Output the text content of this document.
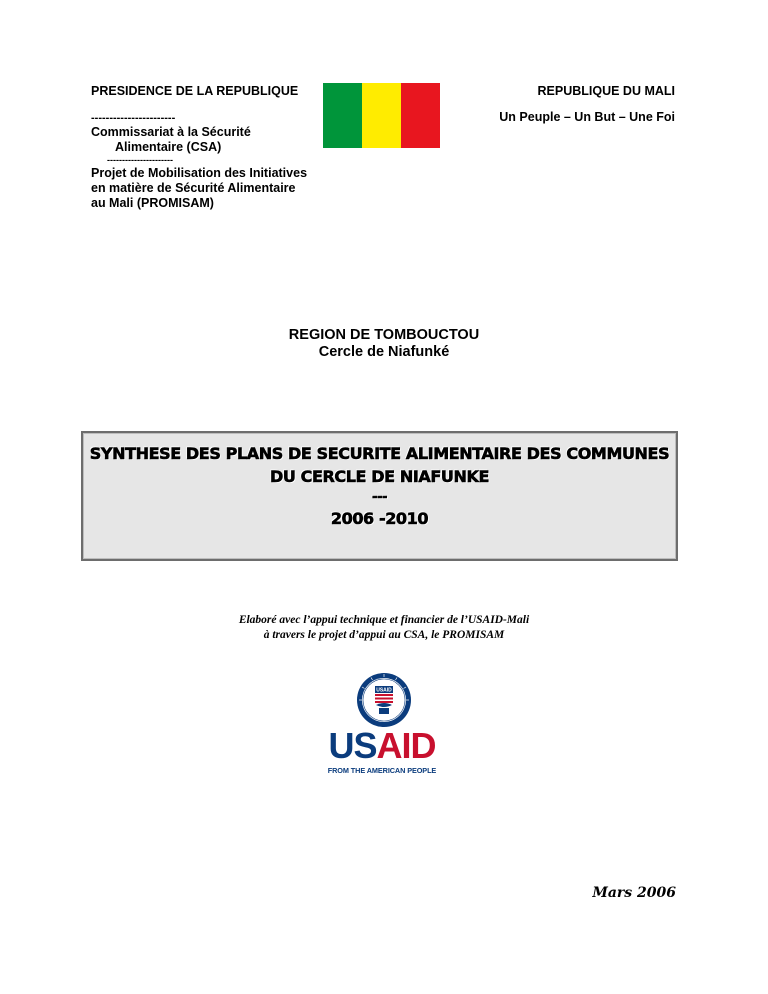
PRESIDENCE DE LA REPUBLIQUE
-----------------------
Commissariat à la Sécurité
Alimentaire (CSA)
----------------------
Projet de Mobilisation des Initiatives
en matière de Sécurité Alimentaire
au Mali (PROMISAM)
REPUBLIQUE DU MALI
Un Peuple – Un But – Une Foi
REGION DE TOMBOUCTOU
Cercle de Niafunké
SYNTHESE DES PLANS DE SECURITE ALIMENTAIRE DES COMMUNES
DU CERCLE DE NIAFUNKE
---
2006 -2010
Elaboré avec l’appui technique et financier de l’USAID-Mali
à travers le projet d’appui au CSA, le PROMISAM
USAID
USAID
FROM THE AMERICAN PEOPLE
Mars 2006
